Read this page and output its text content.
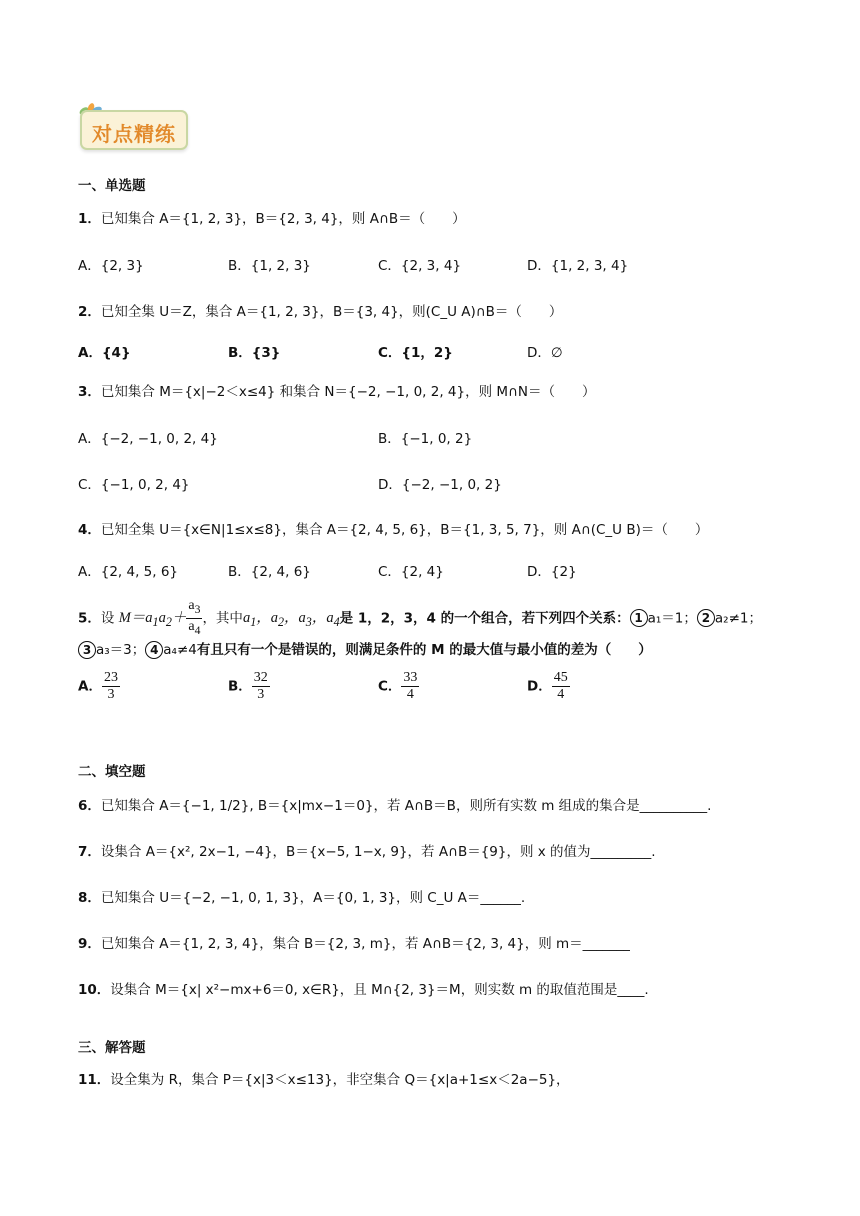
对点精练
一、单选题
1．已知集合 A＝{1, 2, 3}，B＝{2, 3, 4}，则 A∩B＝（　　）
A．{2, 3}	B．{1, 2, 3}	C．{2, 3, 4}	D．{1, 2, 3, 4}
2．已知全集 U＝Z，集合 A＝{1, 2, 3}，B＝{3, 4}，则(C_U A)∩B＝（　　）
A．{4}	B．{3}	C．{1，2}	D．∅
3．已知集合 M＝{x|−2＜x≤4} 和集合 N＝{−2, −1, 0, 2, 4}，则 M∩N＝（　　）
A．{−2, −1, 0, 2, 4}	B．{−1, 0, 2}
C．{−1, 0, 2, 4}	D．{−2, −1, 0, 2}
4．已知全集 U＝{x∈N|1≤x≤8}，集合 A＝{2, 4, 5, 6}，B＝{1, 3, 5, 7}，则 A∩(C_U B)＝（　　）
A．{2, 4, 5, 6}	B．{2, 4, 6}	C．{2, 4}	D．{2}
5．设 $M=a_1a_2+ \frac{a_3}{a_4}$ ，其中$a_1$，$a_2$，$a_3$，$a_4$是 1，2，3，4 的一个组合，若下列四个关系： 1 a₁＝1； 2 a₂≠1；
3 a₃＝3； 4 a₄≠4有且只有一个是错误的，则满足条件的 M 的最大值与最小值的差为（　　）
A． $\frac{23}{3}$	B． $\frac{32}{3}$	C． $\frac{33}{4}$	D． $\frac{45}{4}$
二、填空题
6．已知集合 A＝{−1, 1/2}, B＝{x|mx−1＝0}，若 A∩B＝B，则所有实数 m 组成的集合是__________.
7．设集合 A＝{x², 2x−1, −4}，B＝{x−5, 1−x, 9}，若 A∩B＝{9}，则 x 的值为_________.
8．已知集合 U＝{−2, −1, 0, 1, 3}，A＝{0, 1, 3}，则 C_U A＝______.
9．已知集合 A＝{1, 2, 3, 4}，集合 B＝{2, 3, m}，若 A∩B＝{2, 3, 4}，则 m＝_______
10．设集合 M＝{x| x²−mx+6＝0, x∈R}，且 M∩{2, 3}＝M，则实数 m 的取值范围是____.
三、解答题
11．设全集为 R，集合 P＝{x|3＜x≤13}，非空集合 Q＝{x|a+1≤x＜2a−5}，
